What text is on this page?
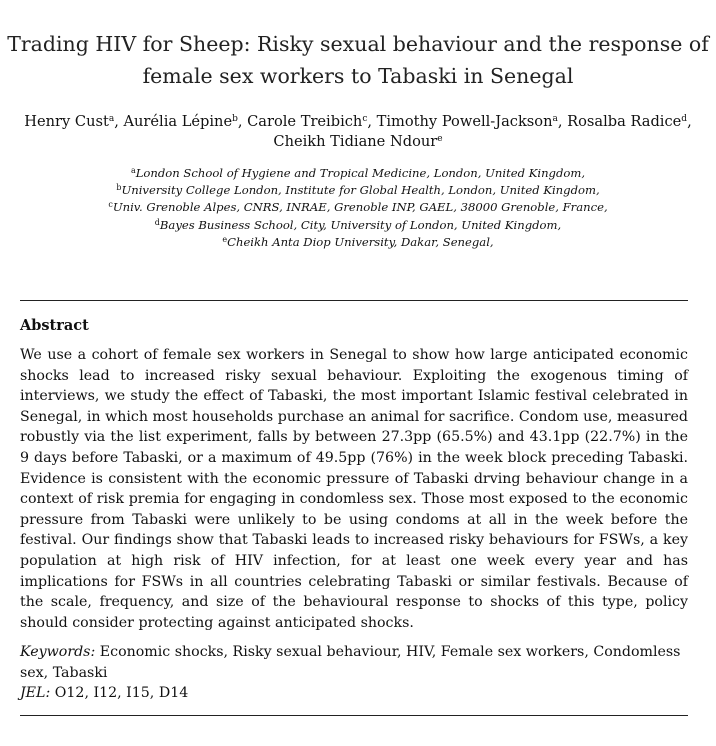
Trading HIV for Sheep: Risky sexual behaviour and the response of female sex workers to Tabaski in Senegal
Henry Cust$^a$, Aurélia Lépine$^b$, Carole Treibich$^c$, Timothy Powell-Jackson$^a$, Rosalba Radice$^d$,
Cheikh Tidiane Ndour$^e$
$^a$London School of Hygiene and Tropical Medicine, London, United Kingdom,
$^b$University College London, Institute for Global Health, London, United Kingdom,
$^c$Univ. Grenoble Alpes, CNRS, INRAE, Grenoble INP, GAEL, 38000 Grenoble, France,
$^d$Bayes Business School, City, University of London, United Kingdom,
$^e$Cheikh Anta Diop University, Dakar, Senegal,
Abstract
We use a cohort of female sex workers in Senegal to show how large anticipated economic shocks lead to increased risky sexual behaviour. Exploiting the exogenous timing of interviews, we study the effect of Tabaski, the most important Islamic festival celebrated in Senegal, in which most households purchase an animal for sacrifice. Condom use, measured robustly via the list experiment, falls by between 27.3pp (65.5%) and 43.1pp (22.7%) in the 9 days before Tabaski, or a maximum of 49.5pp (76%) in the week block preceding Tabaski. Evidence is consistent with the economic pressure of Tabaski drving behaviour change in a context of risk premia for engaging in condomless sex. Those most exposed to the economic pressure from Tabaski were unlikely to be using condoms at all in the week before the festival. Our findings show that Tabaski leads to increased risky behaviours for FSWs, a key population at high risk of HIV infection, for at least one week every year and has implications for FSWs in all countries celebrating Tabaski or similar festivals. Because of the scale, frequency, and size of the behavioural response to shocks of this type, policy should consider protecting against anticipated shocks.
Keywords: Economic shocks, Risky sexual behaviour, HIV, Female sex workers, Condomless sex, Tabaski
JEL: O12, I12, I15, D14
